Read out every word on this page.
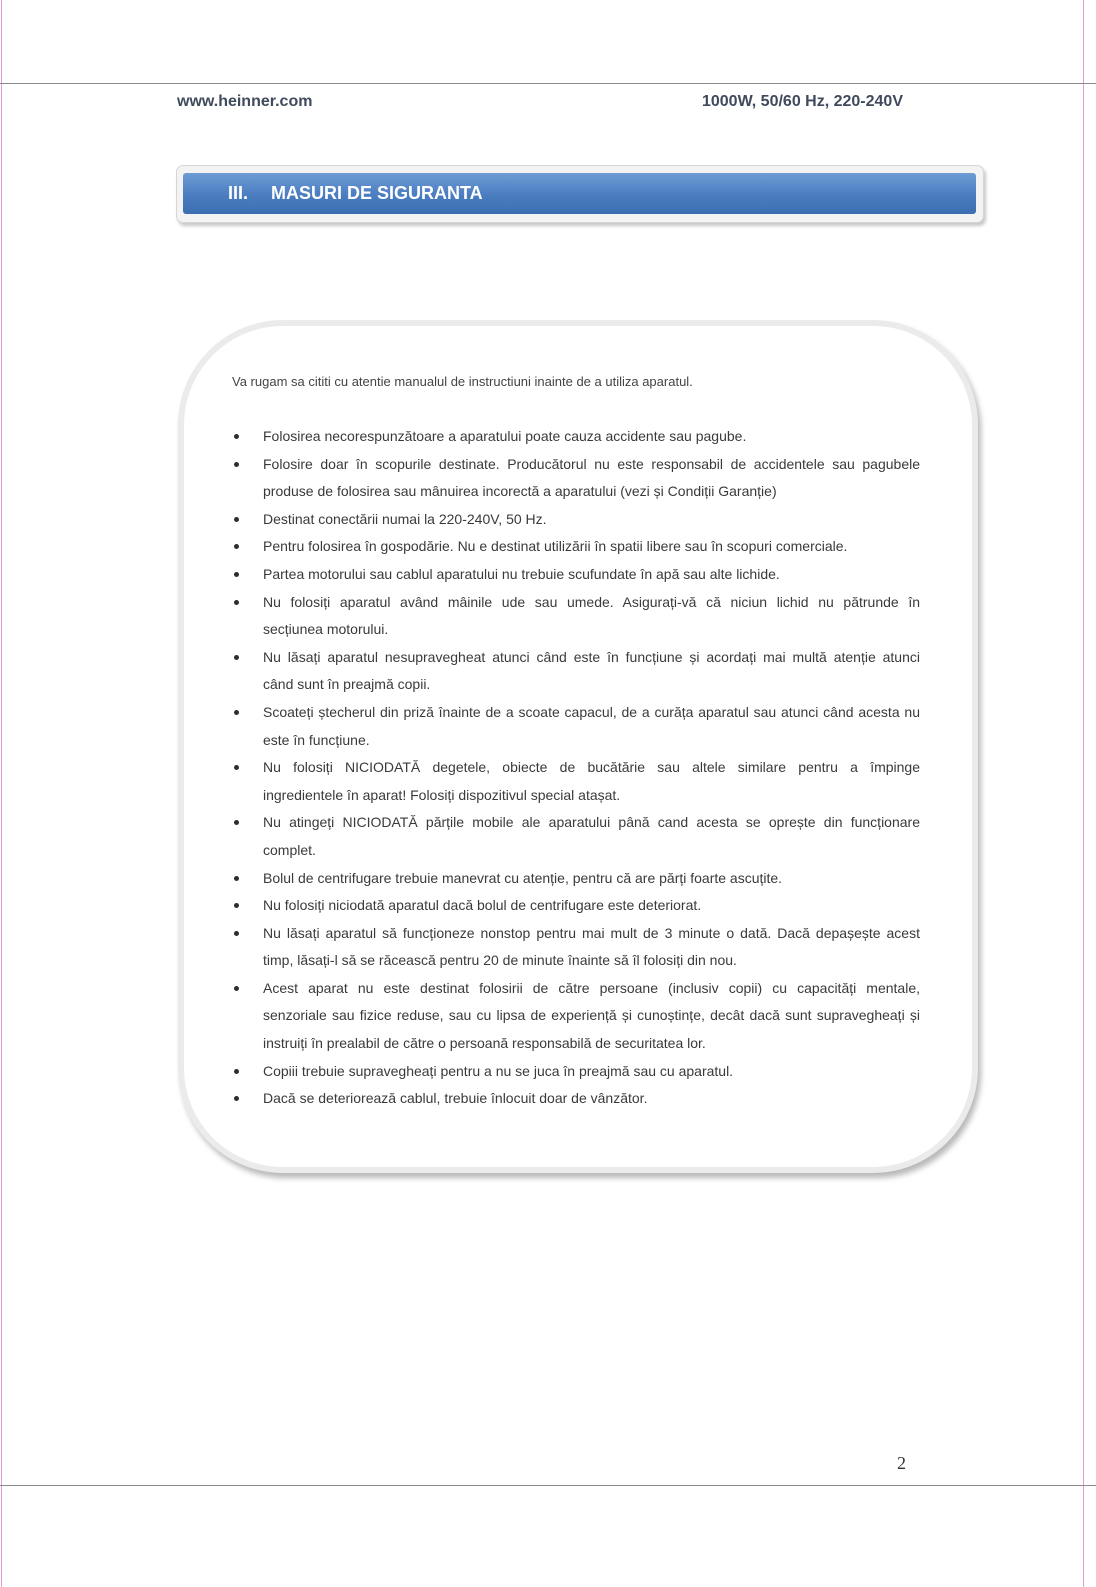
www.heinner.com	1000W, 50/60 Hz, 220-240V
III. MASURI DE SIGURANTA
Va rugam sa cititi cu atentie manualul de instructiuni inainte de a utiliza aparatul.
Folosirea necorespunzătoare a aparatului poate cauza accidente sau pagube.
Folosire doar în scopurile destinate. Producătorul nu este responsabil de accidentele sau pagubele
produse de folosirea sau mânuirea incorectă a aparatului (vezi și Condiții Garanție)
Destinat conectării numai la 220-240V, 50 Hz.
Pentru folosirea în gospodărie. Nu e destinat utilizării în spatii libere sau în scopuri comerciale.
Partea motorului sau cablul aparatului nu trebuie scufundate în apă sau alte lichide.
Nu folosiți aparatul având mâinile ude sau umede. Asigurați-vă că niciun lichid nu pătrunde în
secțiunea motorului.
Nu lăsați aparatul nesupravegheat atunci când este în funcțiune și acordați mai multă atenție atunci
când sunt în preajmă copii.
Scoateți ștecherul din priză înainte de a scoate capacul, de a curăța aparatul sau atunci când acesta nu
este în funcțiune.
Nu folosiți NICIODATĂ degetele, obiecte de bucătărie sau altele similare pentru a împinge
ingredientele în aparat! Folosiți dispozitivul special atașat.
Nu atingeți NICIODATĂ părțile mobile ale aparatului până cand acesta se oprește din funcționare
complet.
Bolul de centrifugare trebuie manevrat cu atenție, pentru că are părți foarte ascuțite.
Nu folosiți niciodată aparatul dacă bolul de centrifugare este deteriorat.
Nu lăsați aparatul să funcționeze nonstop pentru mai mult de 3 minute o dată. Dacă depașește acest
timp, lăsați-l să se răcească pentru 20 de minute înainte să îl folosiți din nou.
Acest aparat nu este destinat folosirii de către persoane (inclusiv copii) cu capacități mentale,
senzoriale sau fizice reduse, sau cu lipsa de experiență și cunoștințe, decât dacă sunt supravegheați și
instruiți în prealabil de către o persoană responsabilă de securitatea lor.
Copiii trebuie supravegheați pentru a nu se juca în preajmă sau cu aparatul.
Dacă se deteriorează cablul, trebuie înlocuit doar de vânzător.
2
